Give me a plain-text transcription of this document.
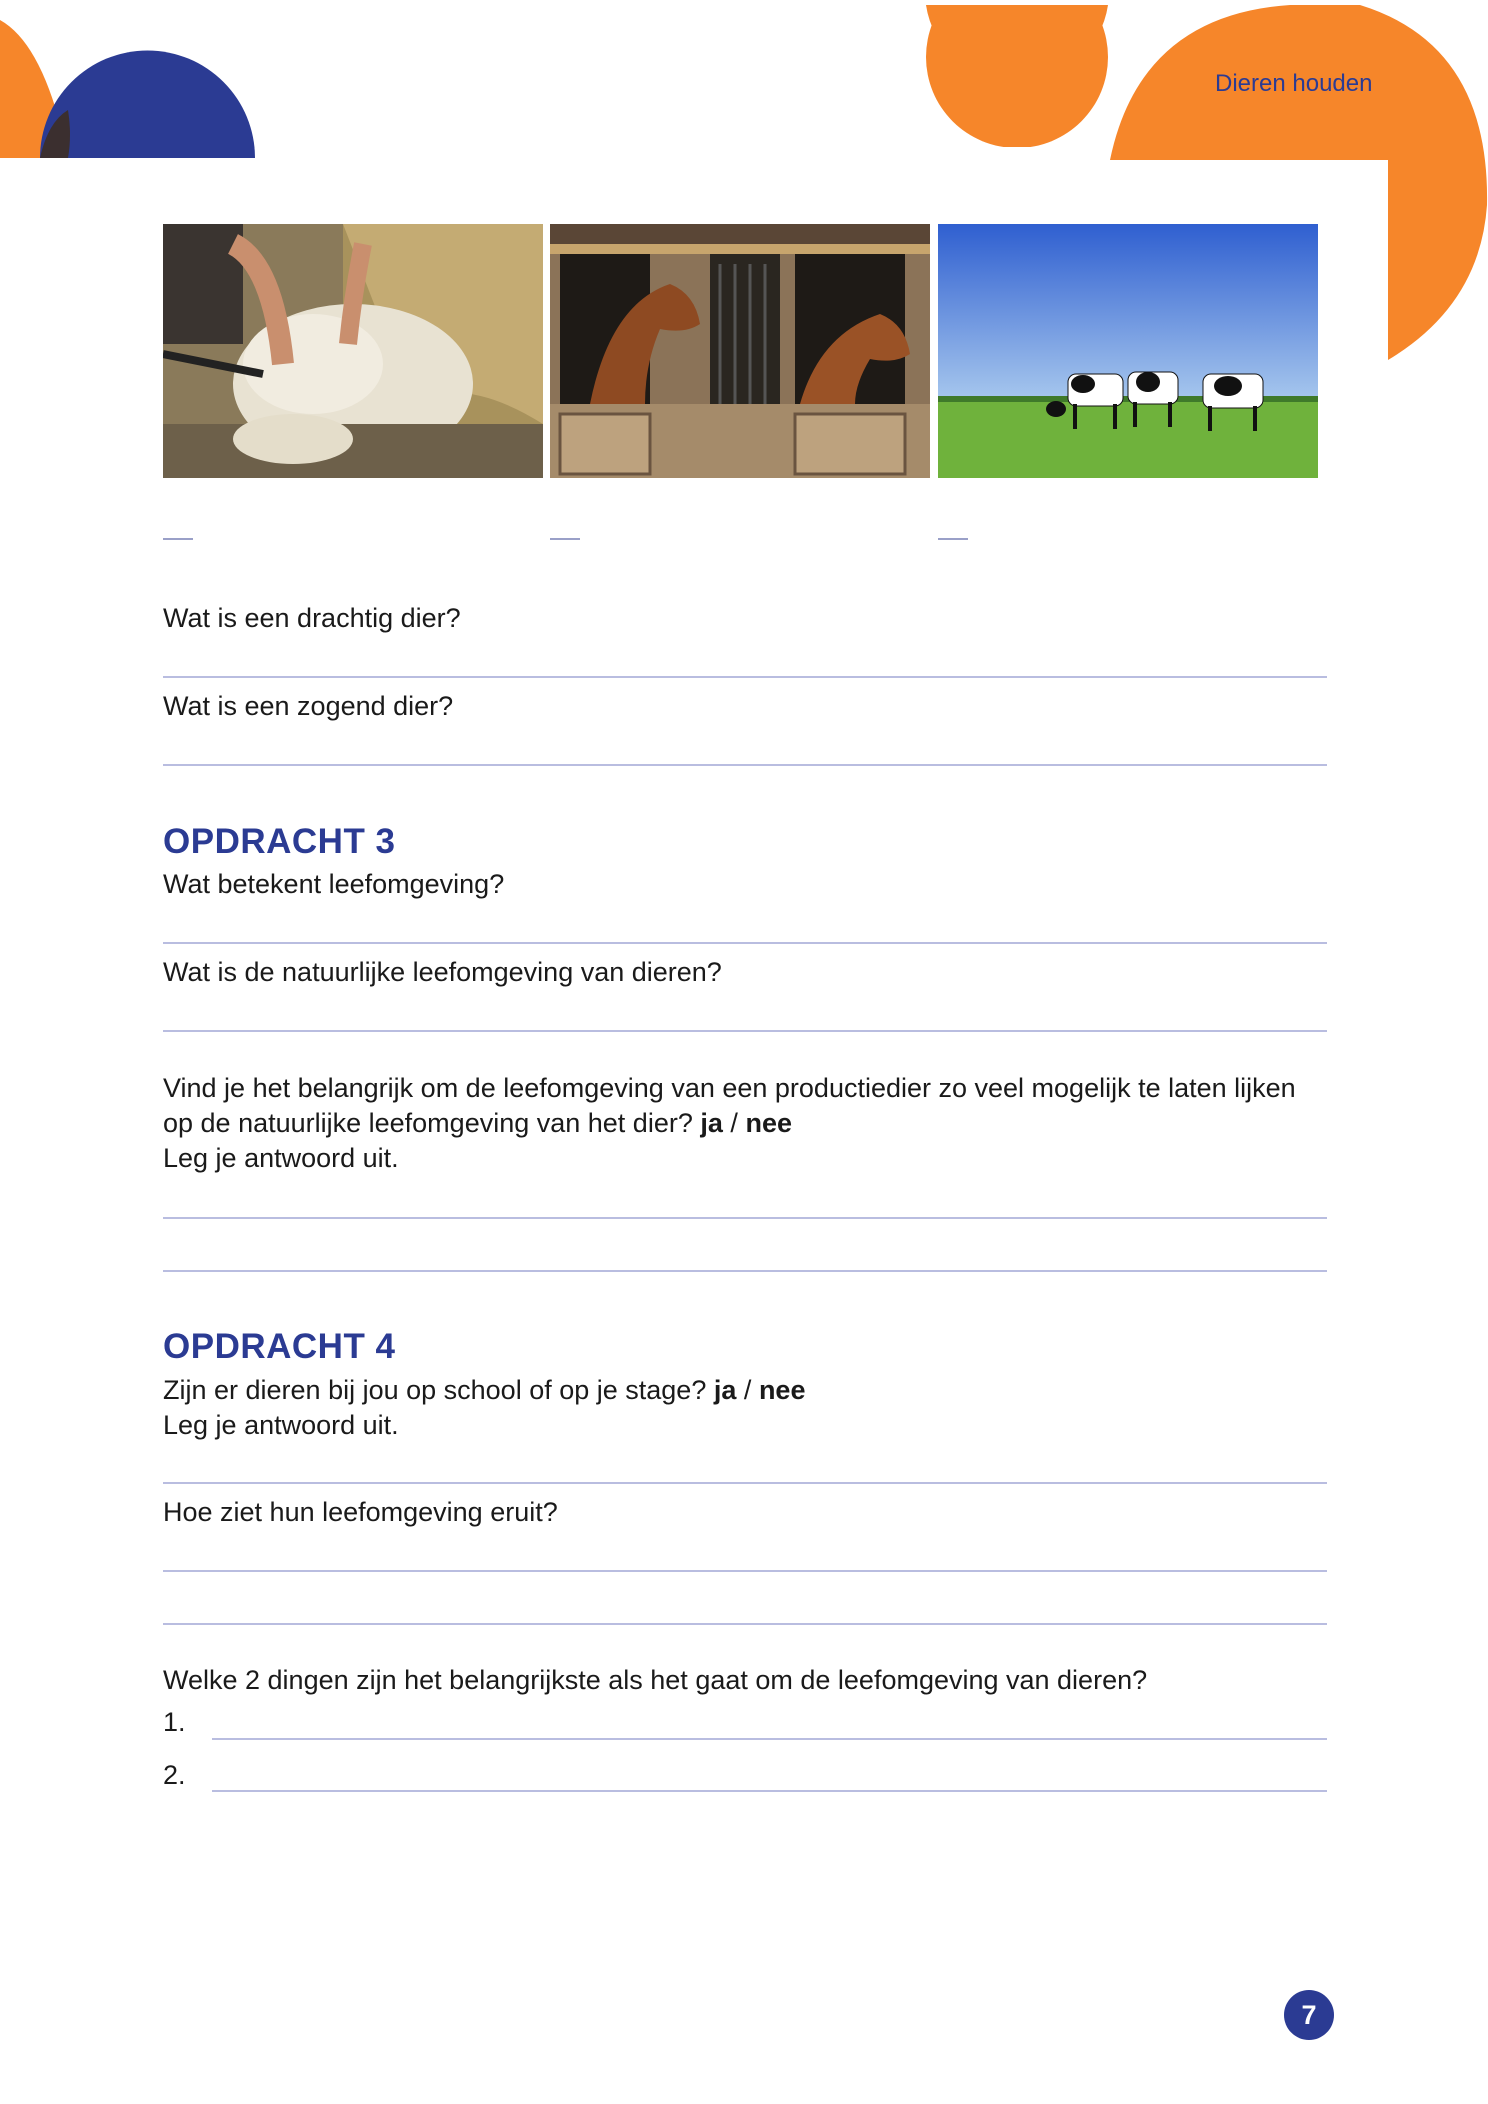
Dieren houden
Wat is een drachtig dier?
Wat is een zogend dier?
OPDRACHT 3
Wat betekent leefomgeving?
Wat is de natuurlijke leefomgeving van dieren?
Vind je het belangrijk om de leefomgeving van een productiedier zo veel mogelijk te laten lijken
op de natuurlijke leefomgeving van het dier? ja / nee
Leg je antwoord uit.
OPDRACHT 4
Zijn er dieren bij jou op school of op je stage? ja / nee
Leg je antwoord uit.
Hoe ziet hun leefomgeving eruit?
Welke 2 dingen zijn het belangrijkste als het gaat om de leefomgeving van dieren?
1.
2.
7
